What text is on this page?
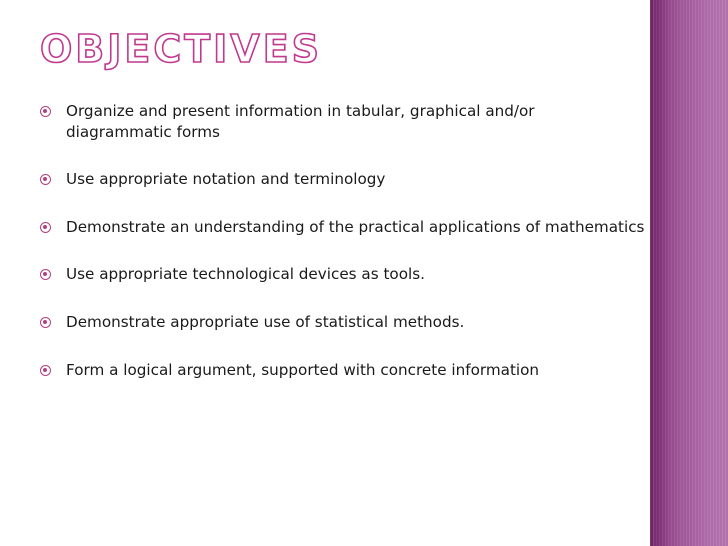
OBJECTIVES
Organize and present information in tabular, graphical and/or diagrammatic forms
Use appropriate notation and terminology
Demonstrate an understanding of the practical applications of mathematics
Use appropriate technological devices as tools.
Demonstrate appropriate use of statistical methods.
Form a logical argument, supported with concrete information
